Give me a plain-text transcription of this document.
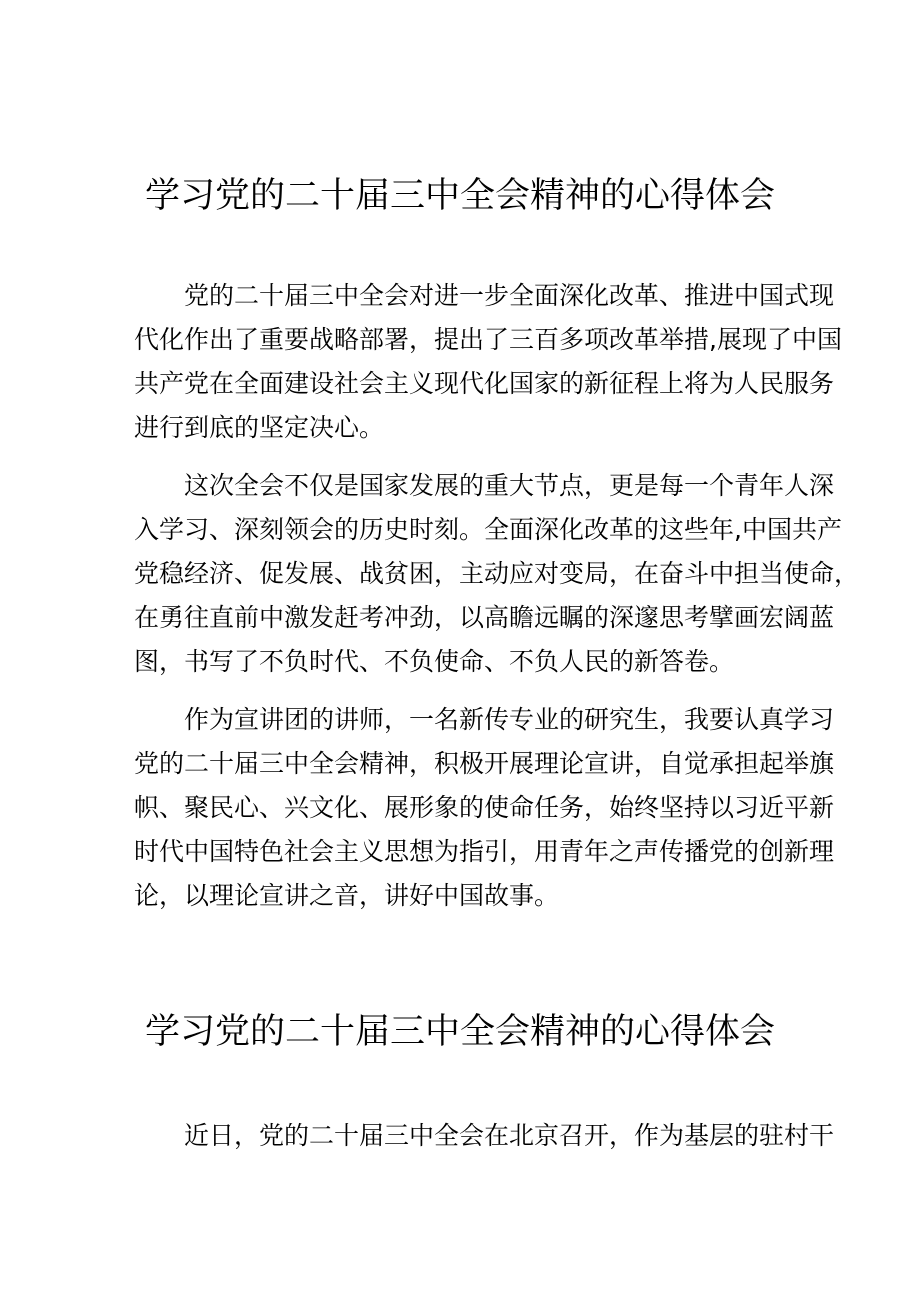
学习党的二十届三中全会精神的心得体会
党的二十届三中全会对进一步全面深化改革、推进中国式现
代化作出了重要战略部署，提出了三百多项改革举措,展现了中国
共产党在全面建设社会主义现代化国家的新征程上将为人民服务
进行到底的坚定决心。
这次全会不仅是国家发展的重大节点，更是每一个青年人深
入学习、深刻领会的历史时刻。全面深化改革的这些年,中国共产
党稳经济、促发展、战贫困，主动应对变局，在奋斗中担当使命，
在勇往直前中激发赶考冲劲，以高瞻远瞩的深邃思考擘画宏阔蓝
图，书写了不负时代、不负使命、不负人民的新答卷。
作为宣讲团的讲师，一名新传专业的研究生，我要认真学习
党的二十届三中全会精神，积极开展理论宣讲，自觉承担起举旗
帜、聚民心、兴文化、展形象的使命任务，始终坚持以习近平新
时代中国特色社会主义思想为指引，用青年之声传播党的创新理
论，以理论宣讲之音，讲好中国故事。
学习党的二十届三中全会精神的心得体会
近日，党的二十届三中全会在北京召开，作为基层的驻村干
